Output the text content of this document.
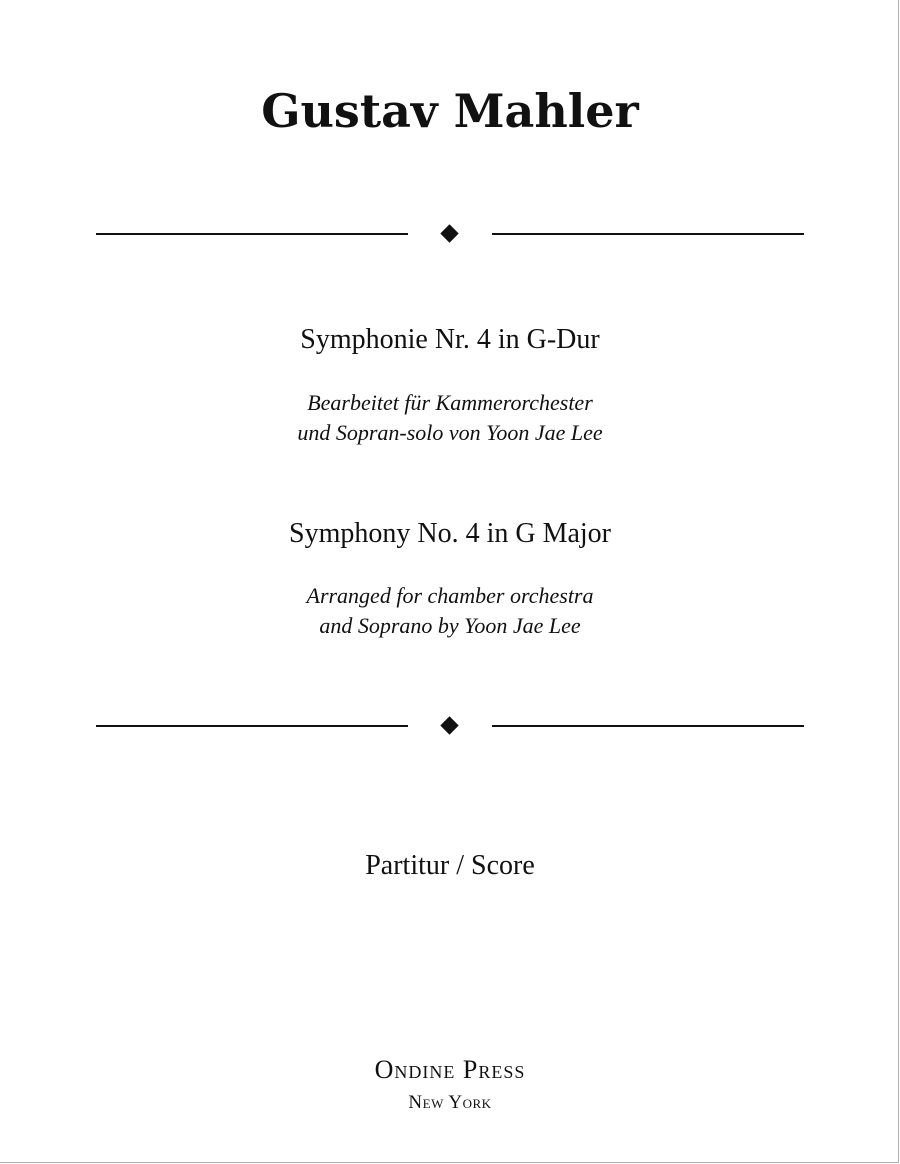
Gustav Mahler
Symphonie Nr. 4 in G-Dur
Bearbeitet für Kammerorchester
und Sopran-solo von Yoon Jae Lee
Symphony No. 4 in G Major
Arranged for chamber orchestra
and Soprano by Yoon Jae Lee
Partitur / Score
Ondine Press
New York
